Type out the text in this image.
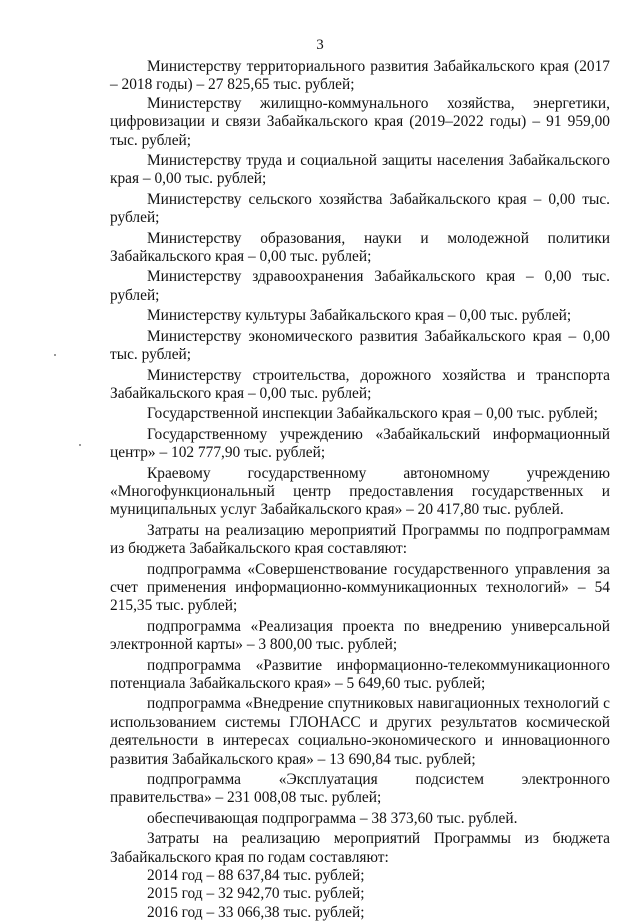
3

Министерству территориального развития Забайкальского края (2017 – 2018 годы) – 27 825,65 тыс. рублей;

Министерству жилищно-коммунального хозяйства, энергетики, цифровизации и связи Забайкальского края (2019–2022 годы) – 91 959,00 тыс. рублей;

Министерству труда и социальной защиты населения Забайкальского края – 0,00 тыс. рублей;

Министерству сельского хозяйства Забайкальского края – 0,00 тыс. рублей;

Министерству образования, науки и молодежной политики Забайкальского края – 0,00 тыс. рублей;

Министерству здравоохранения Забайкальского края – 0,00 тыс. рублей;

Министерству культуры Забайкальского края – 0,00 тыс. рублей;

Министерству экономического развития Забайкальского края – 0,00 тыс. рублей;

Министерству строительства, дорожного хозяйства и транспорта Забайкальского края – 0,00 тыс. рублей;

Государственной инспекции Забайкальского края – 0,00 тыс. рублей;

Государственному учреждению «Забайкальский информационный центр» – 102 777,90 тыс. рублей;

Краевому государственному автономному учреждению «Многофункциональный центр предоставления государственных и муниципальных услуг Забайкальского края» – 20 417,80 тыс. рублей.

Затраты на реализацию мероприятий Программы по подпрограммам из бюджета Забайкальского края составляют:

подпрограмма «Совершенствование государственного управления за счет применения информационно-коммуникационных технологий» – 54 215,35 тыс. рублей;

подпрограмма «Реализация проекта по внедрению универсальной электронной карты» – 3 800,00 тыс. рублей;

подпрограмма «Развитие информационно-телекоммуникационного потенциала Забайкальского края» – 5 649,60 тыс. рублей;

подпрограмма «Внедрение спутниковых навигационных технологий с использованием системы ГЛОНАСС и других результатов космической деятельности в интересах социально-экономического и инновационного развития Забайкальского края» – 13 690,84 тыс. рублей;

подпрограмма «Эксплуатация подсистем электронного правительства» – 231 008,08 тыс. рублей;

обеспечивающая подпрограмма – 38 373,60 тыс. рублей.

Затраты на реализацию мероприятий Программы из бюджета Забайкальского края по годам составляют:

2014 год – 88 637,84 тыс. рублей;

2015 год – 32 942,70 тыс. рублей;

2016 год – 33 066,38 тыс. рублей;
